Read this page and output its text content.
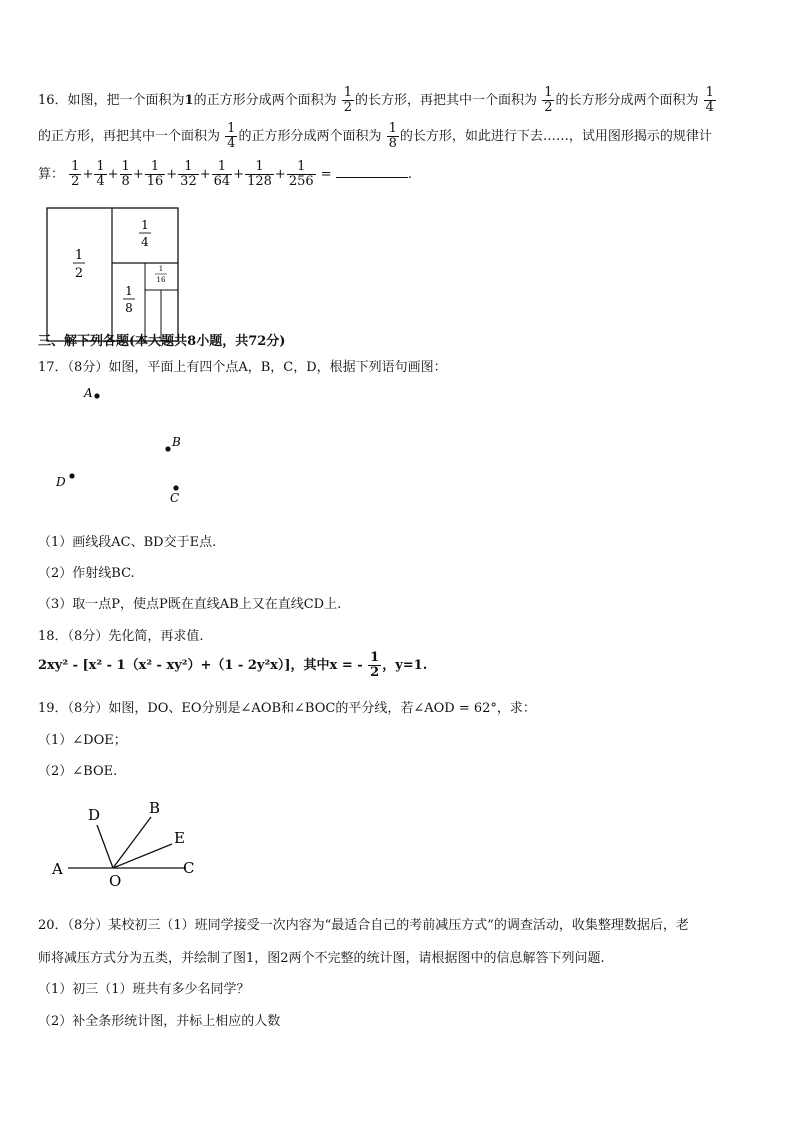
16．如图，把一个面积为1的正方形分成两个面积为 $\frac{1}{2}$ 的长方形，再把其中一个面积为 $\frac{1}{2}$ 的长方形分成两个面积为 $\frac{1}{4}$
的正方形，再把其中一个面积为 $\frac{1}{4}$ 的正方形分成两个面积为 $\frac{1}{8}$ 的长方形，如此进行下去……，试用图形揭示的规律计
算： $\frac{1}{2} + \frac{1}{4} + \frac{1}{8} + \frac{1}{16} + \frac{1}{32} + \frac{1}{64} + \frac{1}{128} + \frac{1}{256}$ =	.
1
2
1
4
1
8
1
16
三、解下列各题(本大题共8小题，共72分)
17．（8分）如图，平面上有四个点A，B，C，D，根据下列语句画图：
A
B
C
D
（1）画线段AC、BD交于E点.
（2）作射线BC.
（3）取一点P，使点P既在直线AB上又在直线CD上.
18．（8分）先化简，再求值.
2xy² - [x² - 1（x² - xy²）+（1 - 2y²x）]，其中x = - $\frac{1}{2}$ ，y=1.
19．（8分）如图，DO、EO分别是∠AOB和∠BOC的平分线，若∠AOD = 62°，求：
（1）∠DOE；
（2）∠BOE.
A
O
C
D	B
E
20．（8分）某校初三（1）班同学接受一次内容为“最适合自己的考前减压方式”的调查活动，收集整理数据后，老
师将减压方式分为五类，并绘制了图1，图2两个不完整的统计图，请根据图中的信息解答下列问题.
（1）初三（1）班共有多少名同学？
（2）补全条形统计图，并标上相应的人数
